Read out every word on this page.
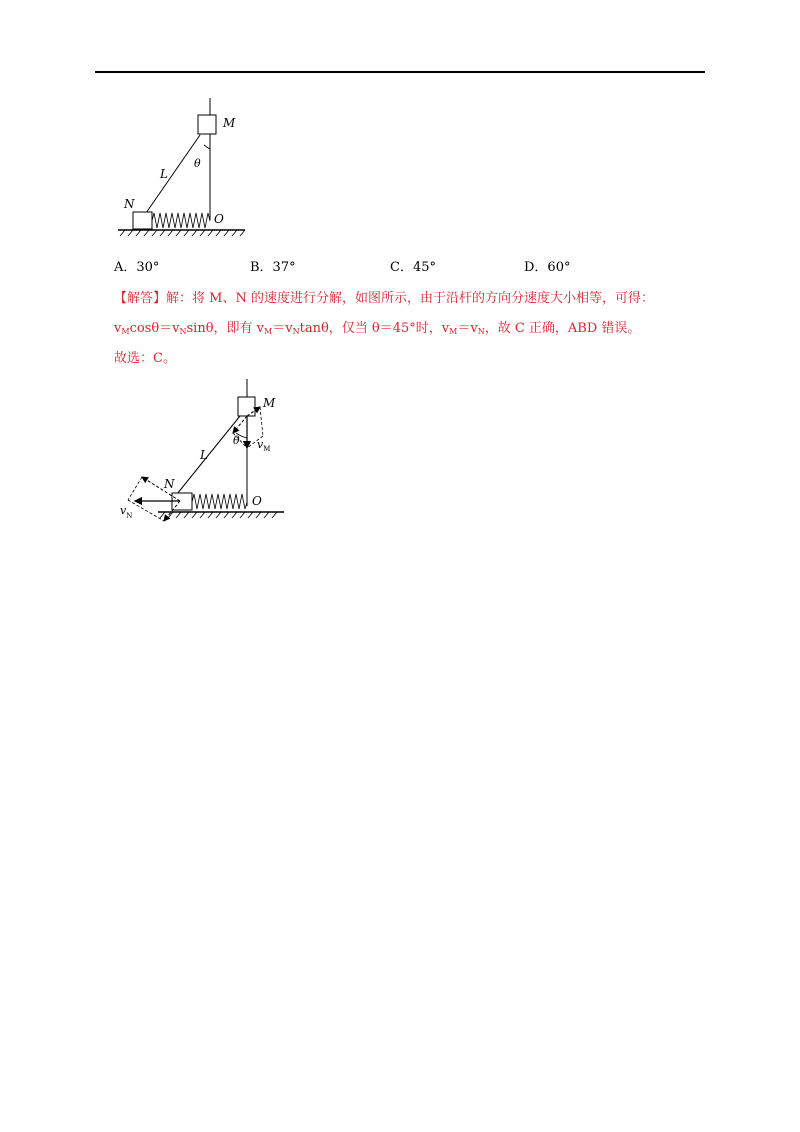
M
L
θ
N
O
A．30°	B．37°	C．45°	D．60°
【解答】解：将 M、N 的速度进行分解，如图所示，由于沿杆的方向分速度大小相等，可得：
$v_M\cos\theta=v_N\sin\theta$，即有 $v_M=v_N\tan\theta$，仅当 θ＝45°时，$v_M=v_N$，故 C 正确，ABD 错误。
故选：C。
M
L
θ $v_M$
N
O
$v_N$
